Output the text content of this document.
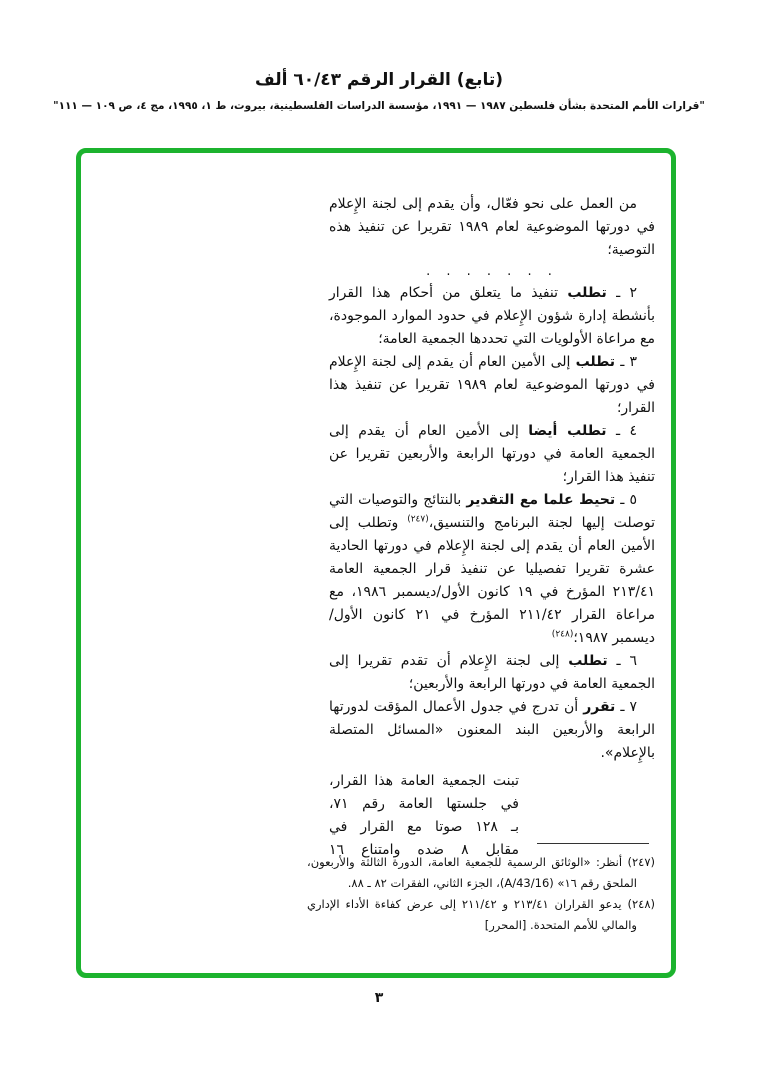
(تابع) القرار الرقم ٦٠/٤٣ ألف
"قرارات الأمم المتحدة بشأن فلسطين ١٩٨٧ — ١٩٩١، مؤسسة الدراسات الفلسطينية، بيروت، ط ١، ١٩٩٥، مج ٤، ص ١٠٩ — ١١١"

من العمل على نحو فعّال، وأن يقدم إلى لجنة الإِعلام في دورتها الموضوعية لعام ١٩٨٩ تقريرا عن تنفيذ هذه التوصية؛

. . . . . . .

٢ ـ تطلب تنفيذ ما يتعلق من أحكام هذا القرار بأنشطة إدارة شؤون الإِعلام في حدود الموارد الموجودة، مع مراعاة الأولويات التي تحددها الجمعية العامة؛

٣ ـ تطلب إلى الأمين العام أن يقدم إلى لجنة الإِعلام في دورتها الموضوعية لعام ١٩٨٩ تقريرا عن تنفيذ هذا القرار؛

٤ ـ تطلب أيضا إلى الأمين العام أن يقدم إلى الجمعية العامة في دورتها الرابعة والأربعين تقريرا عن تنفيذ هذا القرار؛

٥ ـ تحيط علما مع التقدير بالنتائج والتوصيات التي توصلت إليها لجنة البرنامج والتنسيق،$^{(٢٤٧)}$ وتطلب إلى الأمين العام أن يقدم إلى لجنة الإِعلام في دورتها الحادية عشرة تقريرا تفصيليا عن تنفيذ قرار الجمعية العامة ٢١٣/٤١ المؤرخ في ١٩ كانون الأول/ديسمبر ١٩٨٦، مع مراعاة القرار ٢١١/٤٢ المؤرخ في ٢١ كانون الأول/ديسمبر ١٩٨٧؛$^{(٢٤٨)}$

٦ ـ تطلب إلى لجنة الإِعلام أن تقدم تقريرا إلى الجمعية العامة في دورتها الرابعة والأربعين؛

٧ ـ تقرر أن تدرج في جدول الأعمال المؤقت لدورتها الرابعة والأربعين البند المعنون «المسائل المتصلة بالإِعلام».

تبنت الجمعية العامة هذا القرار،
في جلستها العامة رقم ٧١،
بـ ١٢٨ صوتا مع القرار في
مقابل ٨ ضده وامتناع ١٦

(٢٤٧) أنظر: «الوثائق الرسمية للجمعية العامة، الدورة الثالثة والأربعون، الملحق رقم ١٦» (A/43/16)، الجزء الثاني، الفقرات ٨٢ ـ ٨٨.

(٢٤٨) يدعو القراران ٢١٣/٤١ و ٢١١/٤٢ إلى عرض كفاءة الأداء الإداري والمالي للأمم المتحدة. [المحرر]

٣
